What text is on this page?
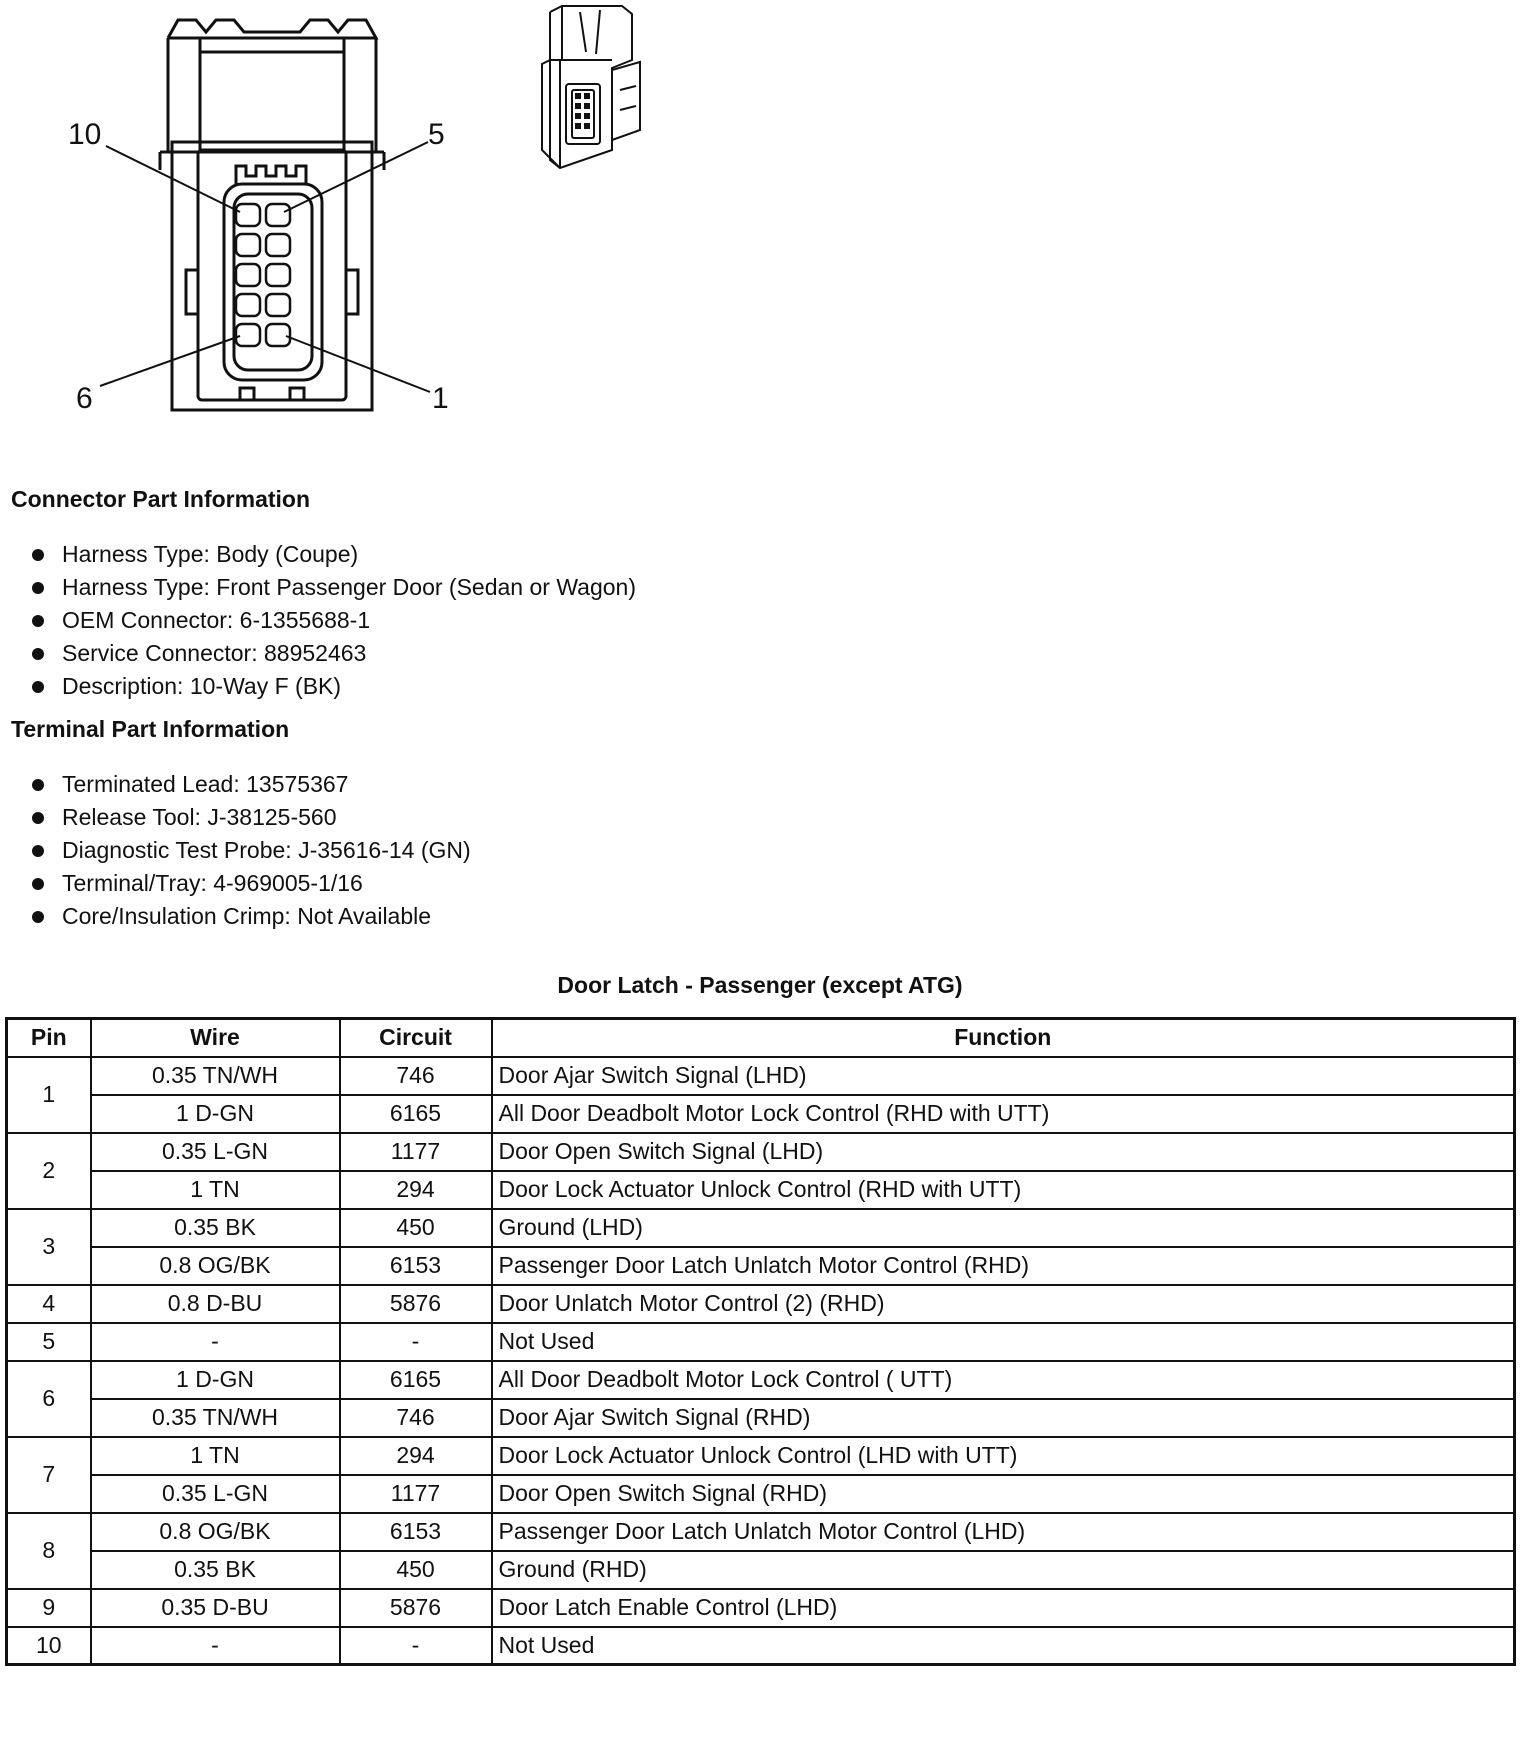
10	5
6	1
Connector Part Information
Harness Type: Body (Coupe)
Harness Type: Front Passenger Door (Sedan or Wagon)
OEM Connector: 6-1355688-1
Service Connector: 88952463
Description: 10-Way F (BK)
Terminal Part Information
Terminated Lead: 13575367
Release Tool: J-38125-560
Diagnostic Test Probe: J-35616-14 (GN)
Terminal/Tray: 4-969005-1/16
Core/Insulation Crimp: Not Available
Door Latch - Passenger (except ATG)
Pin	Wire	Circuit	Function
1	0.35 TN/WH	746	Door Ajar Switch Signal (LHD)
	1 D-GN	6165	All Door Deadbolt Motor Lock Control (RHD with UTT)
2	0.35 L-GN	1177	Door Open Switch Signal (LHD)
	1 TN	294	Door Lock Actuator Unlock Control (RHD with UTT)
3	0.35 BK	450	Ground (LHD)
	0.8 OG/BK	6153	Passenger Door Latch Unlatch Motor Control (RHD)
4	0.8 D-BU	5876	Door Unlatch Motor Control (2) (RHD)
5	-	-	Not Used
6	1 D-GN	6165	All Door Deadbolt Motor Lock Control ( UTT)
	0.35 TN/WH	746	Door Ajar Switch Signal (RHD)
7	1 TN	294	Door Lock Actuator Unlock Control (LHD with UTT)
	0.35 L-GN	1177	Door Open Switch Signal (RHD)
8	0.8 OG/BK	6153	Passenger Door Latch Unlatch Motor Control (LHD)
	0.35 BK	450	Ground (RHD)
9	0.35 D-BU	5876	Door Latch Enable Control (LHD)
10	-	-	Not Used
